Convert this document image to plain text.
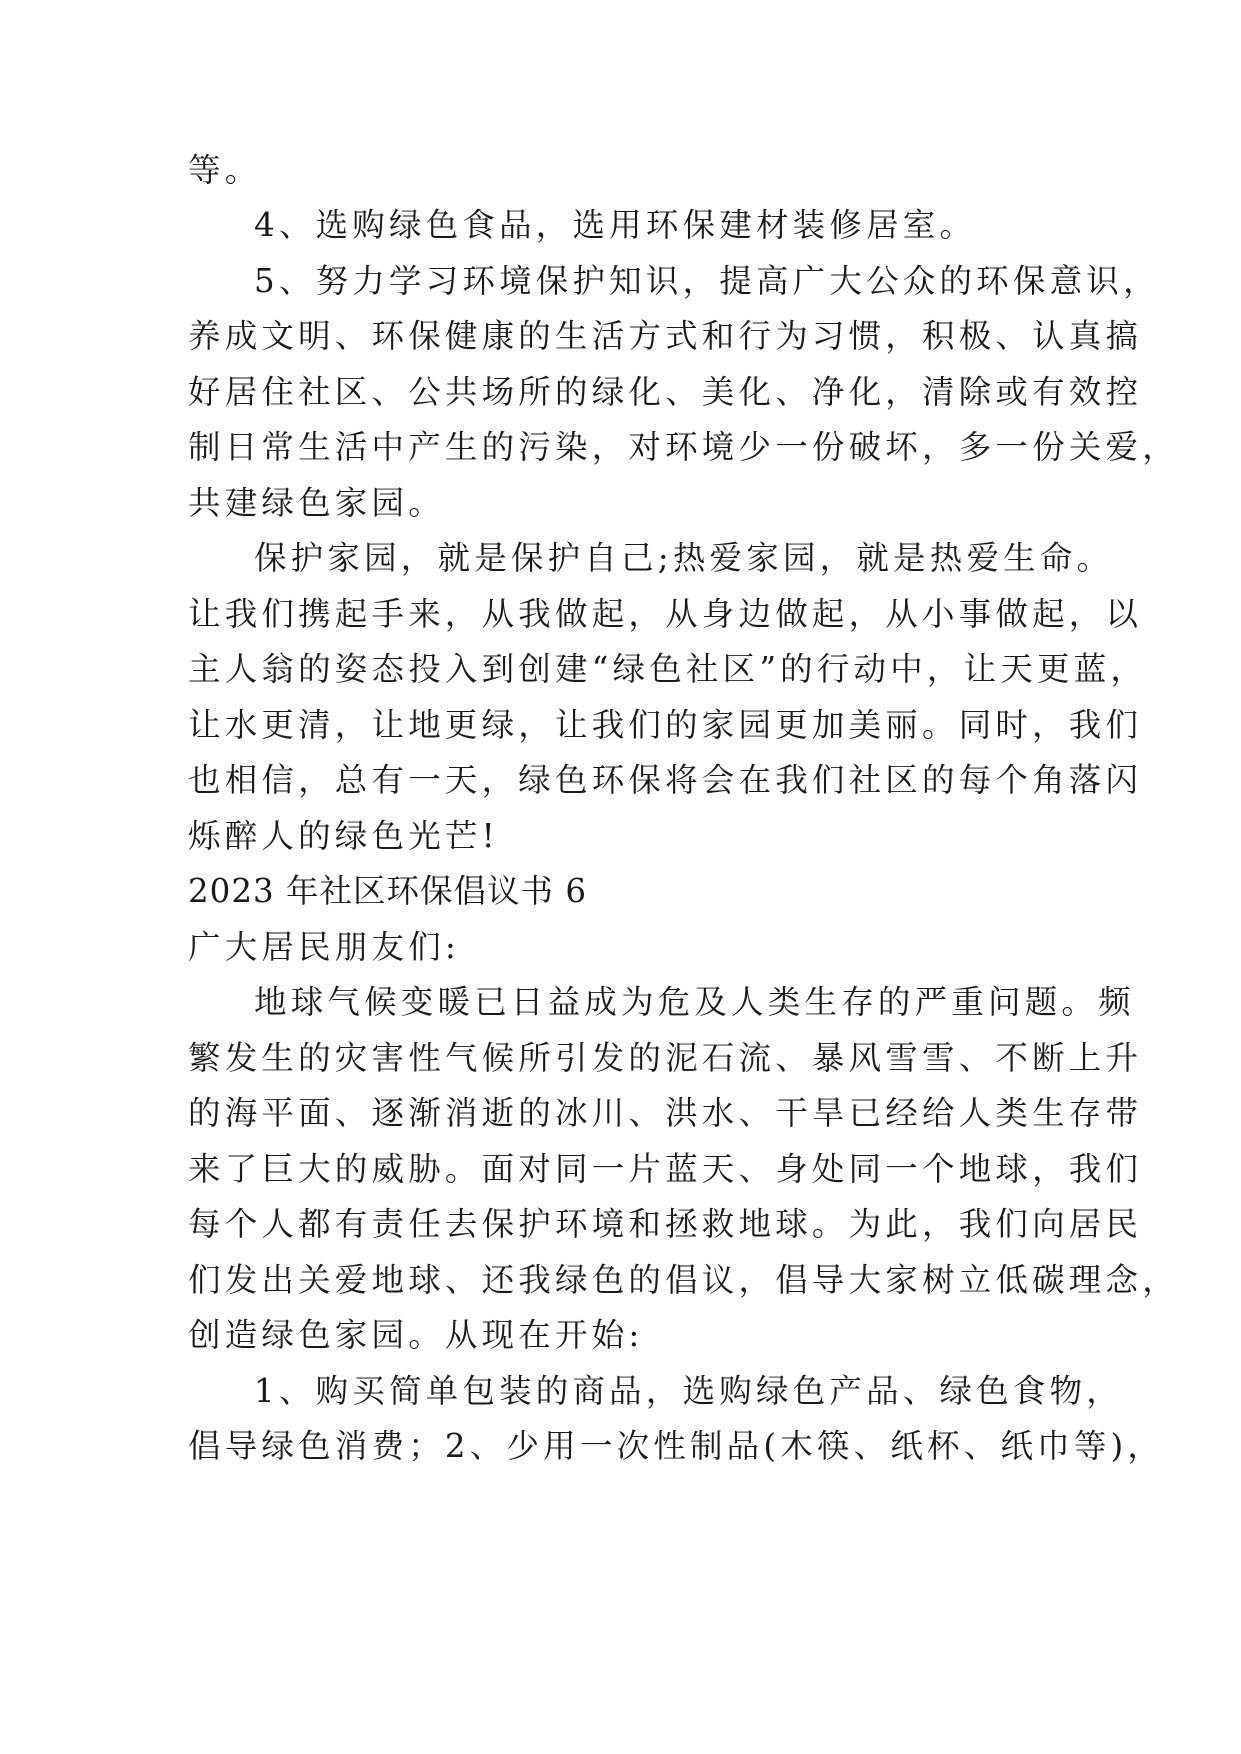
等。
4、选购绿色食品，选用环保建材装修居室。
5、努力学习环境保护知识，提高广大公众的环保意识，
养成文明、环保健康的生活方式和行为习惯，积极、认真搞
好居住社区、公共场所的绿化、美化、净化，清除或有效控
制日常生活中产生的污染，对环境少一份破坏，多一份关爱，
共建绿色家园。
保护家园，就是保护自己;热爱家园，就是热爱生命。
让我们携起手来，从我做起，从身边做起，从小事做起，以
主人翁的姿态投入到创建“绿色社区”的行动中，让天更蓝，
让水更清，让地更绿，让我们的家园更加美丽。同时，我们
也相信，总有一天，绿色环保将会在我们社区的每个角落闪
烁醉人的绿色光芒!
2023 年社区环保倡议书 6
广大居民朋友们:
地球气候变暖已日益成为危及人类生存的严重问题。频
繁发生的灾害性气候所引发的泥石流、暴风雪雪、不断上升
的海平面、逐渐消逝的冰川、洪水、干旱已经给人类生存带
来了巨大的威胁。面对同一片蓝天、身处同一个地球，我们
每个人都有责任去保护环境和拯救地球。为此，我们向居民
们发出关爱地球、还我绿色的倡议，倡导大家树立低碳理念，
创造绿色家园。从现在开始:
1、购买简单包装的商品，选购绿色产品、绿色食物，
倡导绿色消费；2、少用一次性制品(木筷、纸杯、纸巾等)，
